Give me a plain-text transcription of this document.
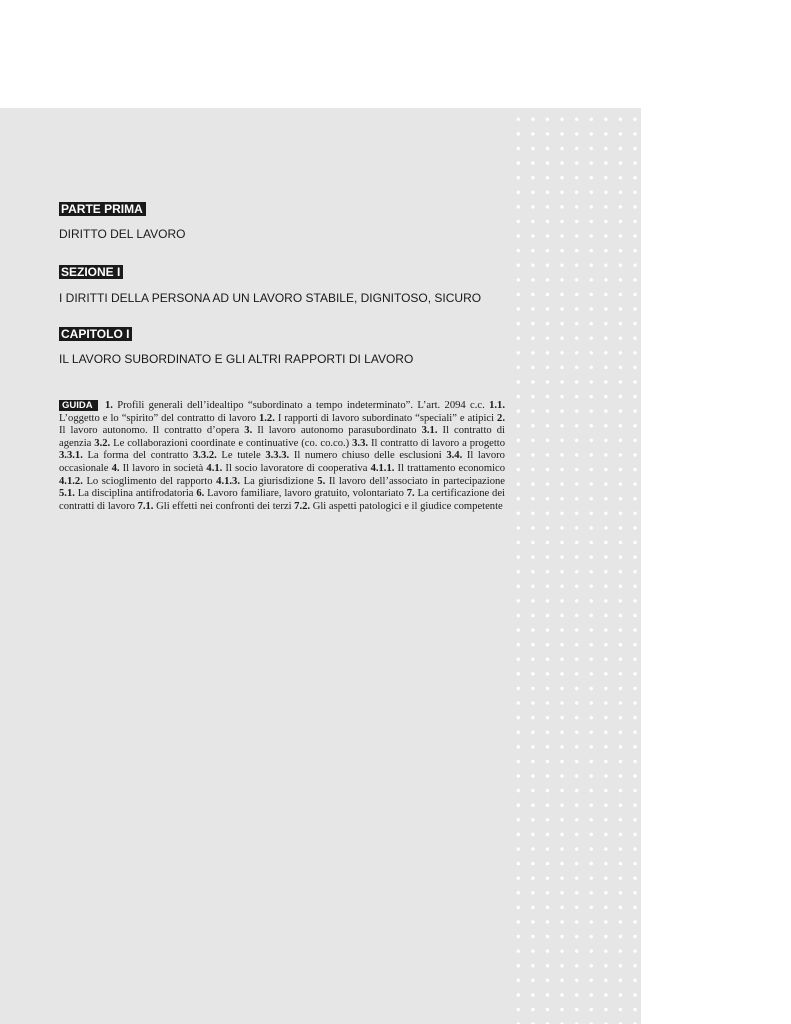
PARTE PRIMA
DIRITTO DEL LAVORO
SEZIONE I
I DIRITTI DELLA PERSONA AD UN LAVORO STABILE, DIGNITOSO, SICURO
CAPITOLO I
IL LAVORO SUBORDINATO E GLI ALTRI RAPPORTI DI LAVORO
GUIDA 1. Profili generali dell’idealtipo “subordinato a tempo indeterminato”. L’art. 2094 c.c. 1.1. L’oggetto e lo “spirito” del contratto di lavoro 1.2. I rapporti di lavoro subordinato “speciali” e atipici 2. Il lavoro autonomo. Il contratto d’opera 3. Il lavoro autonomo parasubordinato 3.1. Il contratto di agenzia 3.2. Le collaborazioni coordinate e continuative (co. co.co.) 3.3. Il contratto di lavoro a progetto 3.3.1. La forma del contratto 3.3.2. Le tutele 3.3.3. Il numero chiuso delle esclusioni 3.4. Il lavoro occasionale 4. Il lavoro in società 4.1. Il socio lavoratore di cooperativa 4.1.1. Il trattamento economico 4.1.2. Lo scioglimento del rapporto 4.1.3. La giurisdizione 5. Il lavoro dell’associato in partecipazione 5.1. La disciplina antifrodatoria 6. Lavoro familiare, lavoro gratuito, volontariato 7. La certificazione dei contratti di lavoro 7.1. Gli effetti nei confronti dei terzi 7.2. Gli aspetti patologici e il giudice competente
